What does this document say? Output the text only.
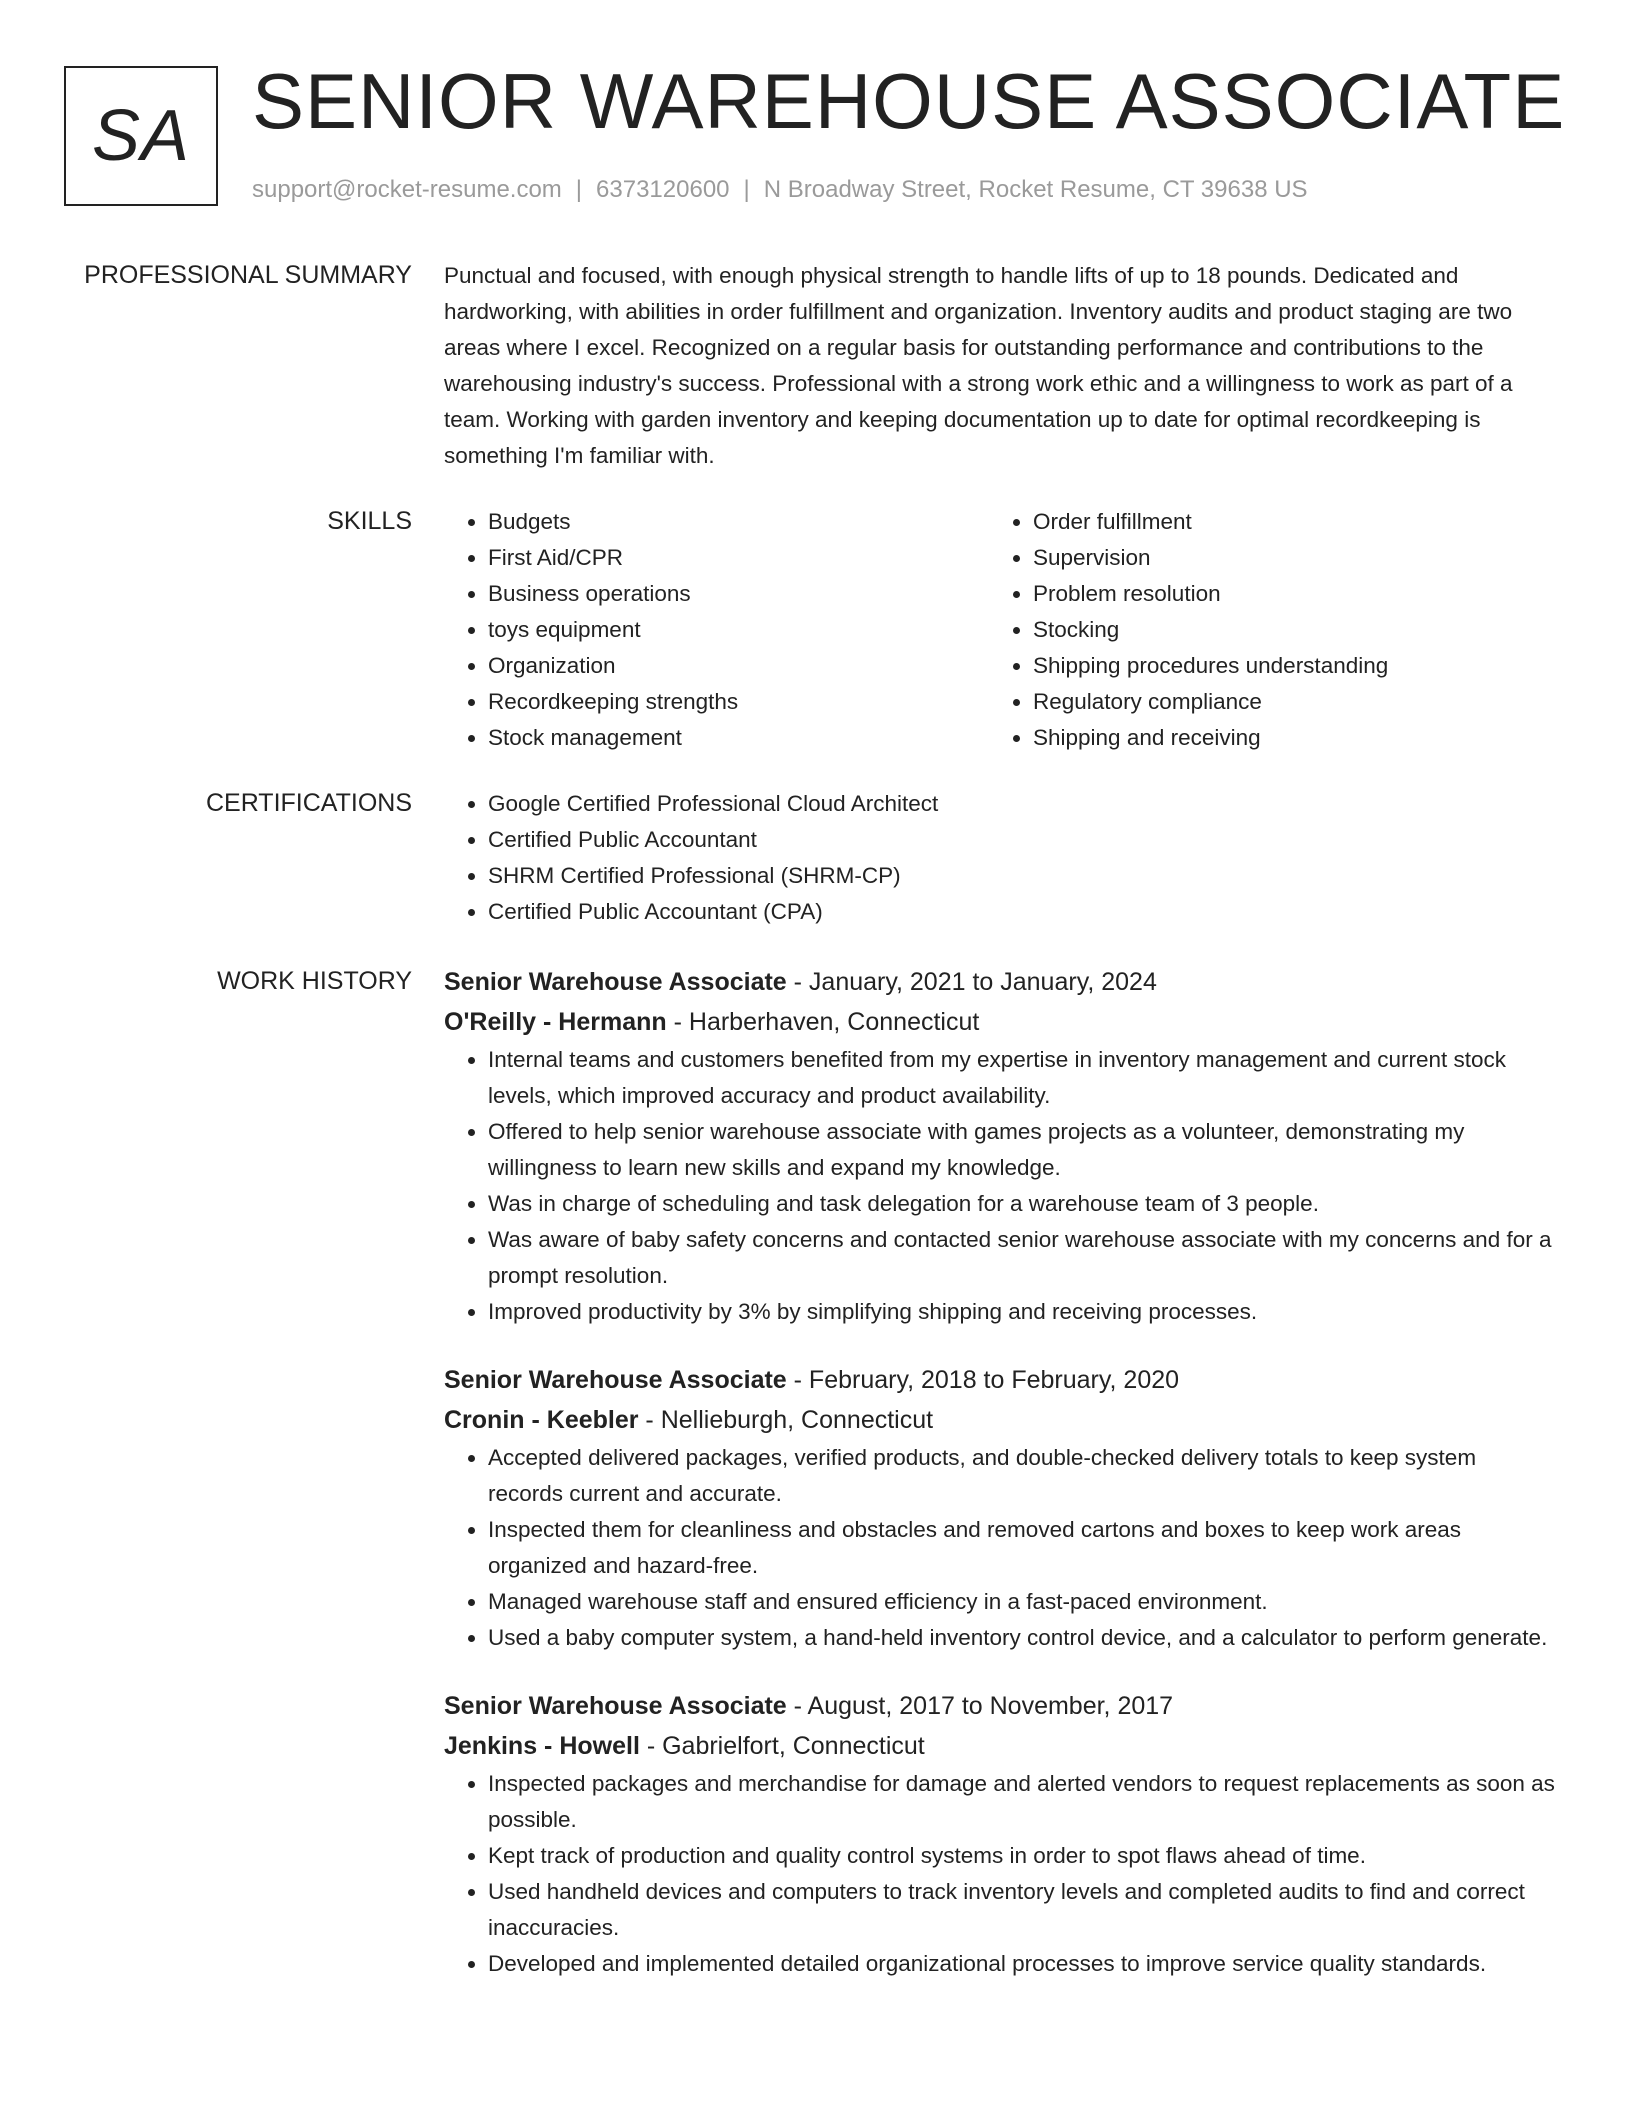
SA SENIOR WAREHOUSE ASSOCIATE
support@rocket-resume.com | 6373120600 | N Broadway Street, Rocket Resume, CT 39638 US
PROFESSIONAL SUMMARY Punctual and focused, with enough physical strength to handle lifts of up to 18 pounds. Dedicated and hardworking, with abilities in order fulfillment and organization. Inventory audits and product staging are two areas where I excel. Recognized on a regular basis for outstanding performance and contributions to the warehousing industry's success. Professional with a strong work ethic and a willingness to work as part of a team. Working with garden inventory and keeping documentation up to date for optimal recordkeeping is something I'm familiar with.

SKILLS	• Budgets
• First Aid/CPR
• Business operations
• toys equipment
• Organization
• Recordkeeping strengths
• Stock management
• Order fulfillment
• Supervision
• Problem resolution
• Stocking
• Shipping procedures understanding
• Regulatory compliance
• Shipping and receiving
CERTIFICATIONS	• Google Certified Professional Cloud Architect
• Certified Public Accountant
• SHRM Certified Professional (SHRM-CP)
• Certified Public Accountant (CPA)
WORK HISTORY Senior Warehouse Associate - January, 2021 to January, 2024
O'Reilly - Hermann - Harberhaven, Connecticut
• Internal teams and customers benefited from my expertise in inventory management and current stock levels, which improved accuracy and product availability.
• Offered to help senior warehouse associate with games projects as a volunteer, demonstrating my willingness to learn new skills and expand my knowledge.
• Was in charge of scheduling and task delegation for a warehouse team of 3 people.
• Was aware of baby safety concerns and contacted senior warehouse associate with my concerns and for a prompt resolution.
• Improved productivity by 3% by simplifying shipping and receiving processes.
Senior Warehouse Associate - February, 2018 to February, 2020
Cronin - Keebler - Nellieburgh, Connecticut
• Accepted delivered packages, verified products, and double-checked delivery totals to keep system records current and accurate.
• Inspected them for cleanliness and obstacles and removed cartons and boxes to keep work areas organized and hazard-free.
• Managed warehouse staff and ensured efficiency in a fast-paced environment.
• Used a baby computer system, a hand-held inventory control device, and a calculator to perform generate.
Senior Warehouse Associate - August, 2017 to November, 2017
Jenkins - Howell - Gabrielfort, Connecticut
• Inspected packages and merchandise for damage and alerted vendors to request replacements as soon as possible.
• Kept track of production and quality control systems in order to spot flaws ahead of time.
• Used handheld devices and computers to track inventory levels and completed audits to find and correct inaccuracies.
• Developed and implemented detailed organizational processes to improve service quality standards.
